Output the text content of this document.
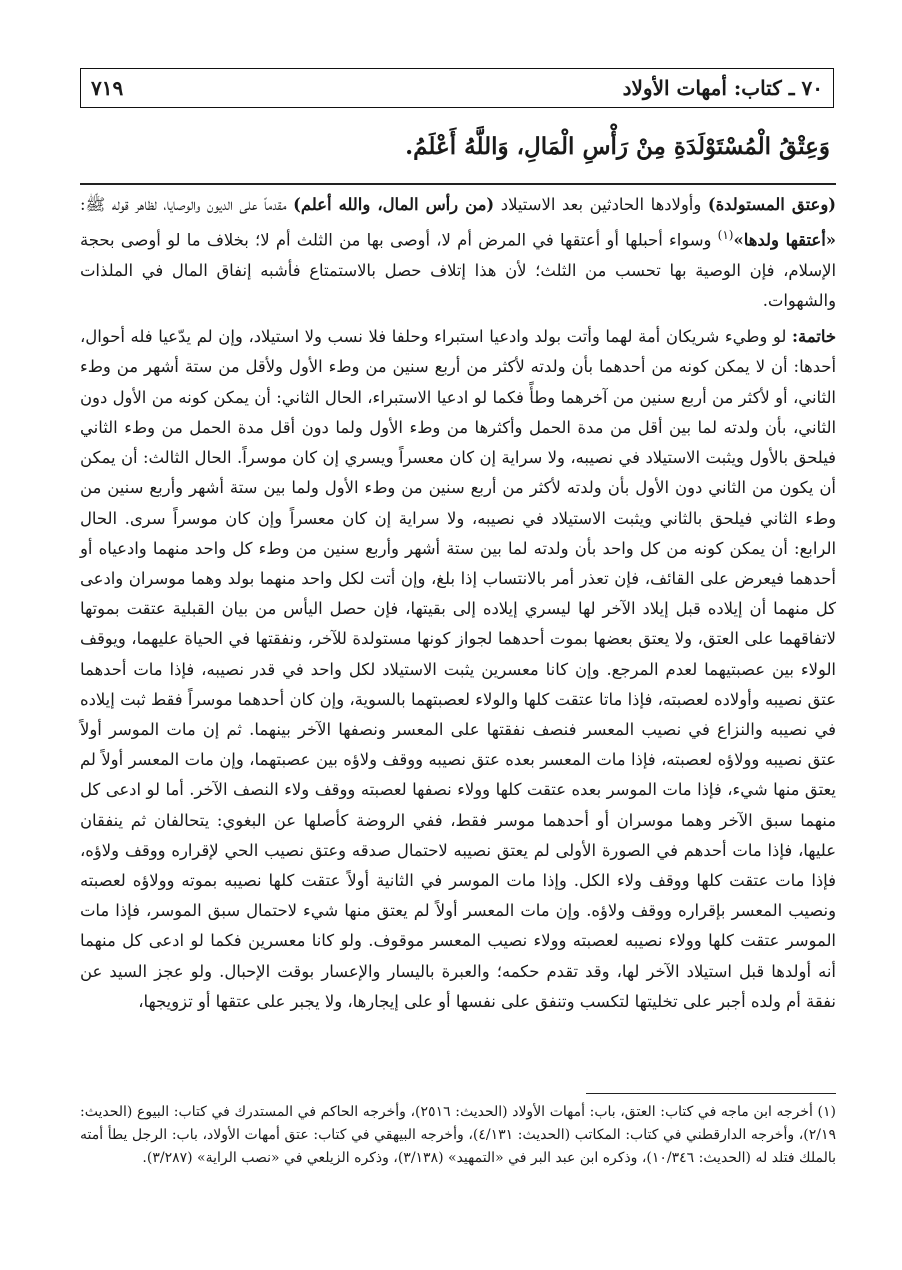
٧٠ ـ كتاب: أمهات الأولاد
٧١٩
وَعِتْقُ الْمُسْتَوْلَدَةِ مِنْ رَأْسِ الْمَالِ، وَاللَّهُ أَعْلَمُ.

(وعتق المستولدة) وأولادها الحادثين بعد الاستيلاد (من رأس المال، والله أعلم) مقدماً على الديون والوصايا، لظاهر قوله ﷺ: «أعتقها ولدها»$^{(١)}$ وسواء أحبلها أو أعتقها في المرض أم لا، أوصى بها من الثلث أم لا؛ بخلاف ما لو أوصى بحجة الإسلام، فإن الوصية بها تحسب من الثلث؛ لأن هذا إتلاف حصل بالاستمتاع فأشبه إنفاق المال في الملذات والشهوات.

خاتمة: لو وطيء شريكان أمة لهما وأتت بولد وادعيا استبراء وحلفا فلا نسب ولا استيلاد، وإن لم يدّعيا فله أحوال، أحدها: أن لا يمكن كونه من أحدهما بأن ولدته لأكثر من أربع سنين من وطء الأول ولأقل من ستة أشهر من وطء الثاني، أو لأكثر من أربع سنين من آخرهما وطأً فكما لو ادعيا الاستبراء، الحال الثاني: أن يمكن كونه من الأول دون الثاني، بأن ولدته لما بين أقل من مدة الحمل وأكثرها من وطء الأول ولما دون أقل مدة الحمل من وطء الثاني فيلحق بالأول ويثبت الاستيلاد في نصيبه، ولا سراية إن كان معسراً ويسري إن كان موسراً. الحال الثالث: أن يمكن أن يكون من الثاني دون الأول بأن ولدته لأكثر من أربع سنين من وطء الأول ولما بين ستة أشهر وأربع سنين من وطء الثاني فيلحق بالثاني ويثبت الاستيلاد في نصيبه، ولا سراية إن كان معسراً وإن كان موسراً سرى. الحال الرابع: أن يمكن كونه من كل واحد بأن ولدته لما بين ستة أشهر وأربع سنين من وطء كل واحد منهما وادعياه أو أحدهما فيعرض على القائف، فإن تعذر أمر بالانتساب إذا بلغ، وإن أتت لكل واحد منهما بولد وهما موسران وادعى كل منهما أن إيلاده قبل إيلاد الآخر لها ليسري إيلاده إلى بقيتها، فإن حصل اليأس من بيان القبلية عتقت بموتها لاتفاقهما على العتق، ولا يعتق بعضها بموت أحدهما لجواز كونها مستولدة للآخر، ونفقتها في الحياة عليهما، ويوقف الولاء بين عصبتيهما لعدم المرجع. وإن كانا معسرين يثبت الاستيلاد لكل واحد في قدر نصيبه، فإذا مات أحدهما عتق نصيبه وأولاده لعصبته، فإذا ماتا عتقت كلها والولاء لعصبتهما بالسوية، وإن كان أحدهما موسراً فقط ثبت إيلاده في نصيبه والنزاع في نصيب المعسر فنصف نفقتها على المعسر ونصفها الآخر بينهما. ثم إن مات الموسر أولاً عتق نصيبه وولاؤه لعصبته، فإذا مات المعسر بعده عتق نصيبه ووقف ولاؤه بين عصبتهما، وإن مات المعسر أولاً لم يعتق منها شيء، فإذا مات الموسر بعده عتقت كلها وولاء نصفها لعصبته ووقف ولاء النصف الآخر. أما لو ادعى كل منهما سبق الآخر وهما موسران أو أحدهما موسر فقط، ففي الروضة كأصلها عن البغوي: يتحالفان ثم ينفقان عليها، فإذا مات أحدهم في الصورة الأولى لم يعتق نصيبه لاحتمال صدقه وعتق نصيب الحي لإقراره ووقف ولاؤه، فإذا مات عتقت كلها ووقف ولاء الكل. وإذا مات الموسر في الثانية أولاً عتقت كلها نصيبه بموته وولاؤه لعصبته ونصيب المعسر بإقراره ووقف ولاؤه. وإن مات المعسر أولاً لم يعتق منها شيء لاحتمال سبق الموسر، فإذا مات الموسر عتقت كلها وولاء نصيبه لعصبته وولاء نصيب المعسر موقوف. ولو كانا معسرين فكما لو ادعى كل منهما أنه أولدها قبل استيلاد الآخر لها، وقد تقدم حكمه؛ والعبرة باليسار والإعسار بوقت الإحبال. ولو عجز السيد عن نفقة أم ولده أجبر على تخليتها لتكسب وتنفق على نفسها أو على إيجارها، ولا يجبر على عتقها أو تزويجها،

(١) أخرجه ابن ماجه في كتاب: العتق، باب: أمهات الأولاد (الحديث: ٢٥١٦)، وأخرجه الحاكم في المستدرك في كتاب: البيوع (الحديث: ٢/١٩)، وأخرجه الدارقطني في كتاب: المكاتب (الحديث: ٤/١٣١)، وأخرجه البيهقي في كتاب: عتق أمهات الأولاد، باب: الرجل يطأ أمته بالملك فتلد له (الحديث: ١٠/٣٤٦)، وذكره ابن عبد البر في «التمهيد» (٣/١٣٨)، وذكره الزيلعي في «نصب الراية» (٣/٢٨٧).
